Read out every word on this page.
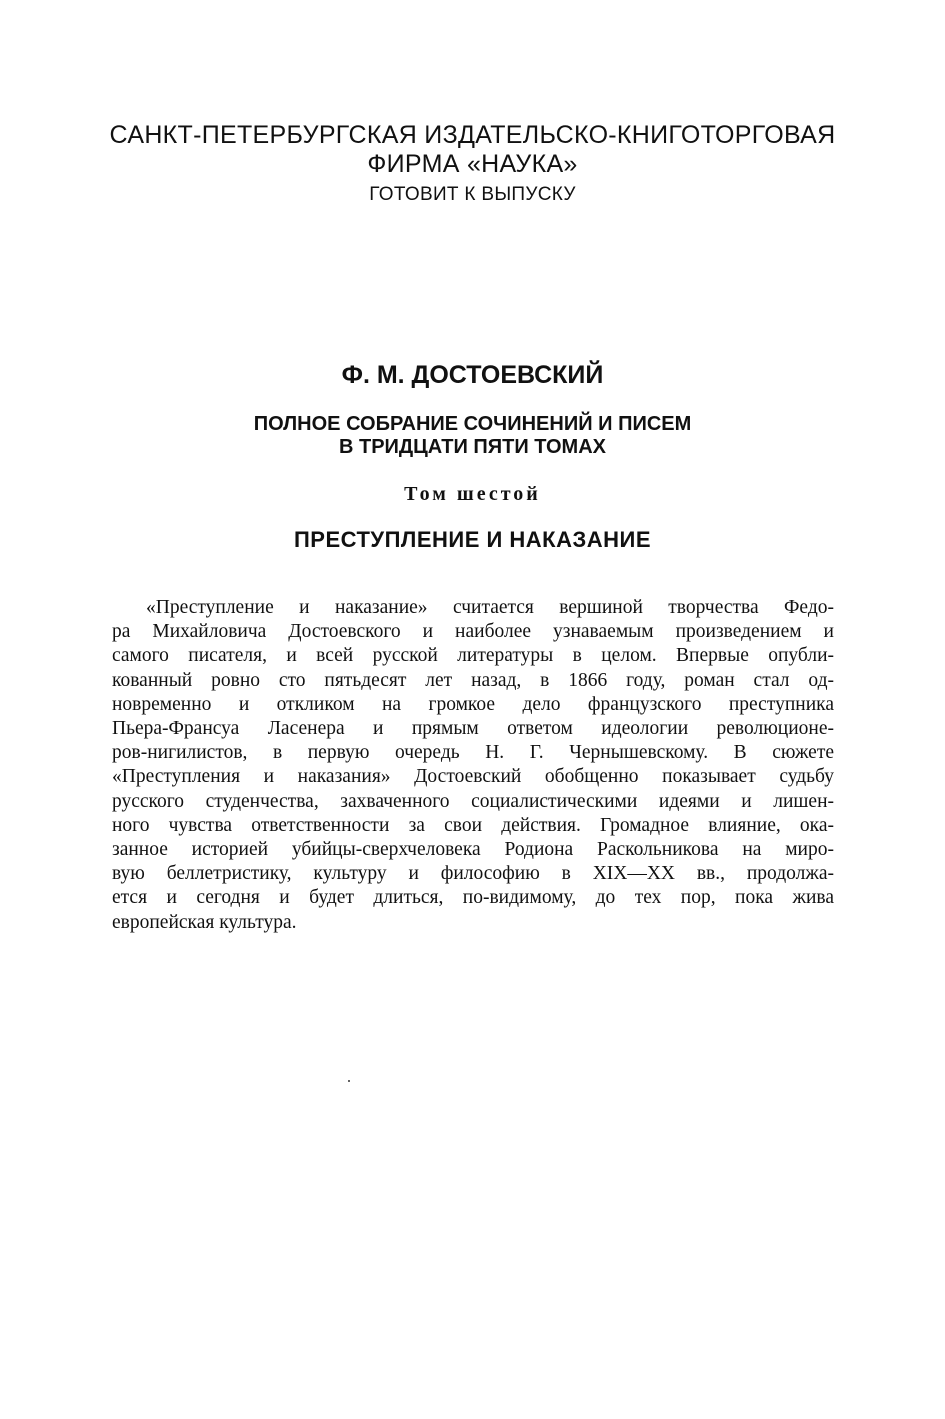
САНКТ-ПЕТЕРБУРГСКАЯ ИЗДАТЕЛЬСКО-КНИГОТОРГОВАЯ
ФИРМА «НАУКА»
ГОТОВИТ К ВЫПУСКУ
Ф. М. ДОСТОЕВСКИЙ
ПОЛНОЕ СОБРАНИЕ СОЧИНЕНИЙ И ПИСЕМ
В ТРИДЦАТИ ПЯТИ ТОМАХ
Том шестой
ПРЕСТУПЛЕНИЕ И НАКАЗАНИЕ
«Преступление и наказание» считается вершиной творчества Федо-
ра Михайловича Достоевского и наиболее узнаваемым произведением и
самого писателя, и всей русской литературы в целом. Впервые опубли-
кованный ровно сто пятьдесят лет назад, в 1866 году, роман стал од-
новременно и откликом на громкое дело французского преступника
Пьера-Франсуа Ласенера и прямым ответом идеологии революционе-
ров-нигилистов, в первую очередь Н. Г. Чернышевскому. В сюжете
«Преступления и наказания» Достоевский обобщенно показывает судьбу
русского студенчества, захваченного социалистическими идеями и лишен-
ного чувства ответственности за свои действия. Громадное влияние, ока-
занное историей убийцы-сверхчеловека Родиона Раскольникова на миро-
вую беллетристику, культуру и философию в XIX—XX вв., продолжа-
ется и сегодня и будет длиться, по-видимому, до тех пор, пока жива
европейская культура.
